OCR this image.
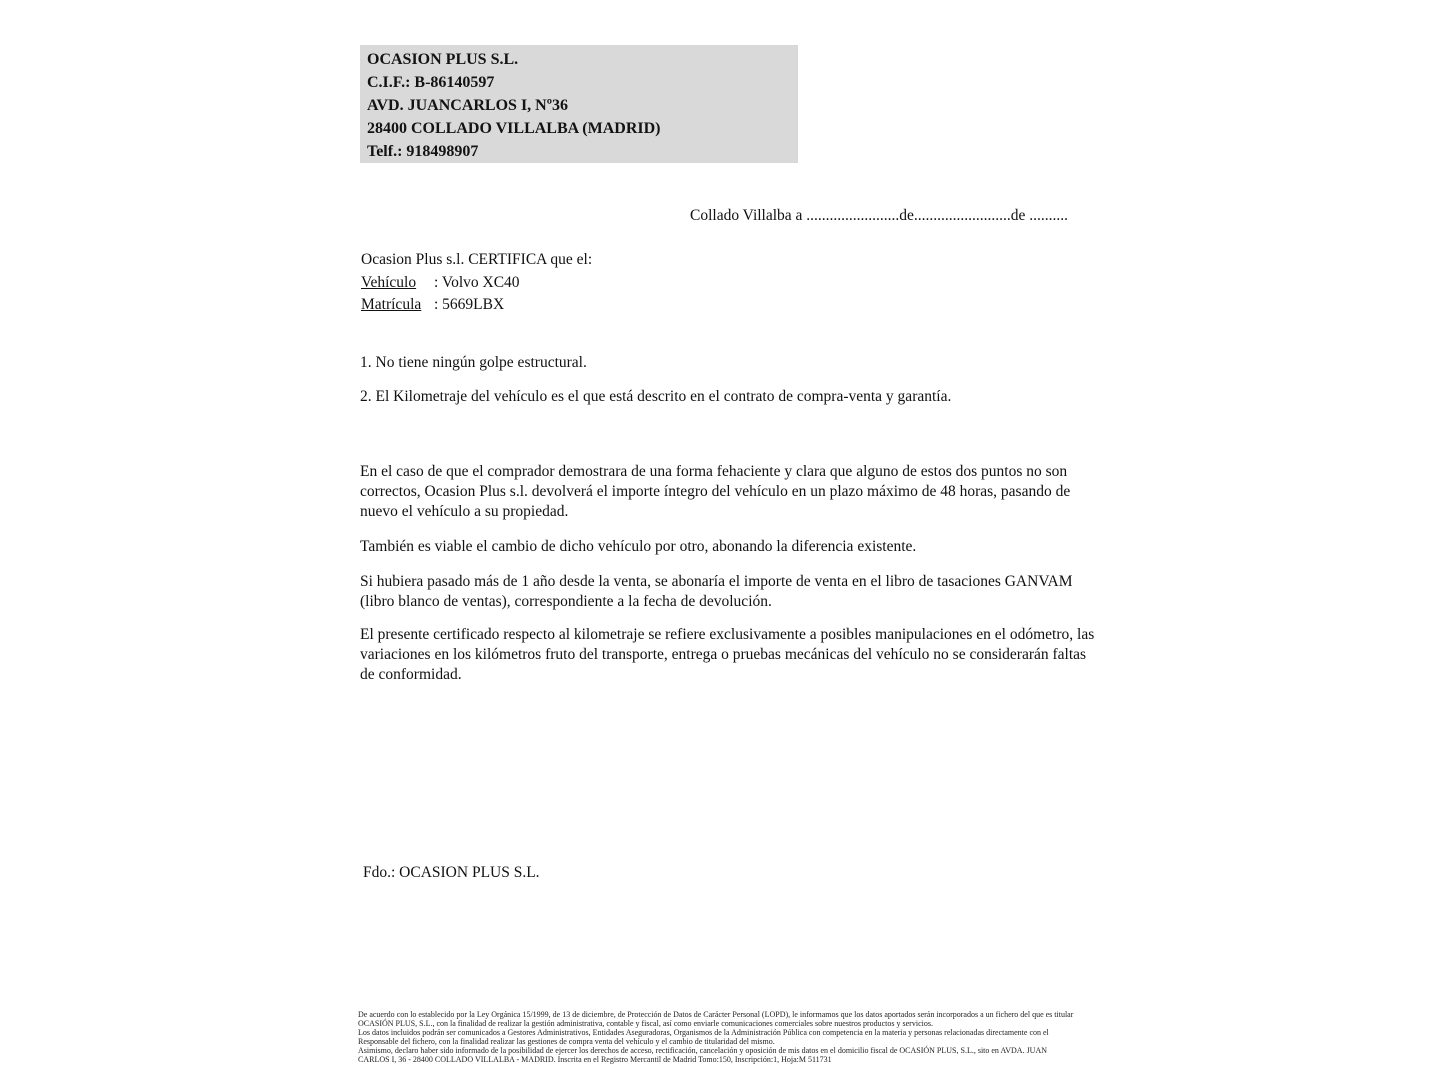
OCASION PLUS S.L.
C.I.F.: B-86140597
AVD. JUANCARLOS I, Nº36
28400 COLLADO VILLALBA (MADRID)
Telf.: 918498907
Collado Villalba a ........................de.........................de ..........
Ocasion Plus s.l. CERTIFICA que el:
Vehículo : Volvo XC40
Matrícula : 5669LBX
1. No tiene ningún golpe estructural.
2. El Kilometraje del vehículo es el que está descrito en el contrato de compra-venta y garantía.
En el caso de que el comprador demostrara de una forma fehaciente y clara que alguno de estos dos puntos no son correctos, Ocasion Plus s.l. devolverá el importe íntegro del vehículo en un plazo máximo de 48 horas, pasando de nuevo el vehículo a su propiedad.
También es viable el cambio de dicho vehículo por otro, abonando la diferencia existente.
Si hubiera pasado más de 1 año desde la venta, se abonaría el importe de venta en el libro de tasaciones GANVAM (libro blanco de ventas), correspondiente a la fecha de devolución.
El presente certificado respecto al kilometraje se refiere exclusivamente a posibles manipulaciones en el odómetro, las variaciones en los kilómetros fruto del transporte, entrega o pruebas mecánicas del vehículo no se considerarán faltas de conformidad.
Fdo.: OCASION PLUS S.L.
De acuerdo con lo establecido por la Ley Orgánica 15/1999, de 13 de diciembre, de Protección de Datos de Carácter Personal (LOPD), le informamos que los datos aportados serán incorporados a un fichero del que es titular
OCASIÓN PLUS, S.L., con la finalidad de realizar la gestión administrativa, contable y fiscal, así como enviarle comunicaciones comerciales sobre nuestros productos y servicios.
Los datos incluidos podrán ser comunicados a Gestores Administrativos, Entidades Aseguradoras, Organismos de la Administración Pública con competencia en la materia y personas relacionadas directamente con el
Responsable del fichero, con la finalidad realizar las gestiones de compra venta del vehículo y el cambio de titularidad del mismo.
Asimismo, declaro haber sido informado de la posibilidad de ejercer los derechos de acceso, rectificación, cancelación y oposición de mis datos en el domicilio fiscal de OCASIÓN PLUS, S.L., sito en AVDA. JUAN
CARLOS I, 36 - 28400 COLLADO VILLALBA - MADRID. Inscrita en el Registro Mercantil de Madrid Tomo:150, Inscripción:1, Hoja:M 511731
